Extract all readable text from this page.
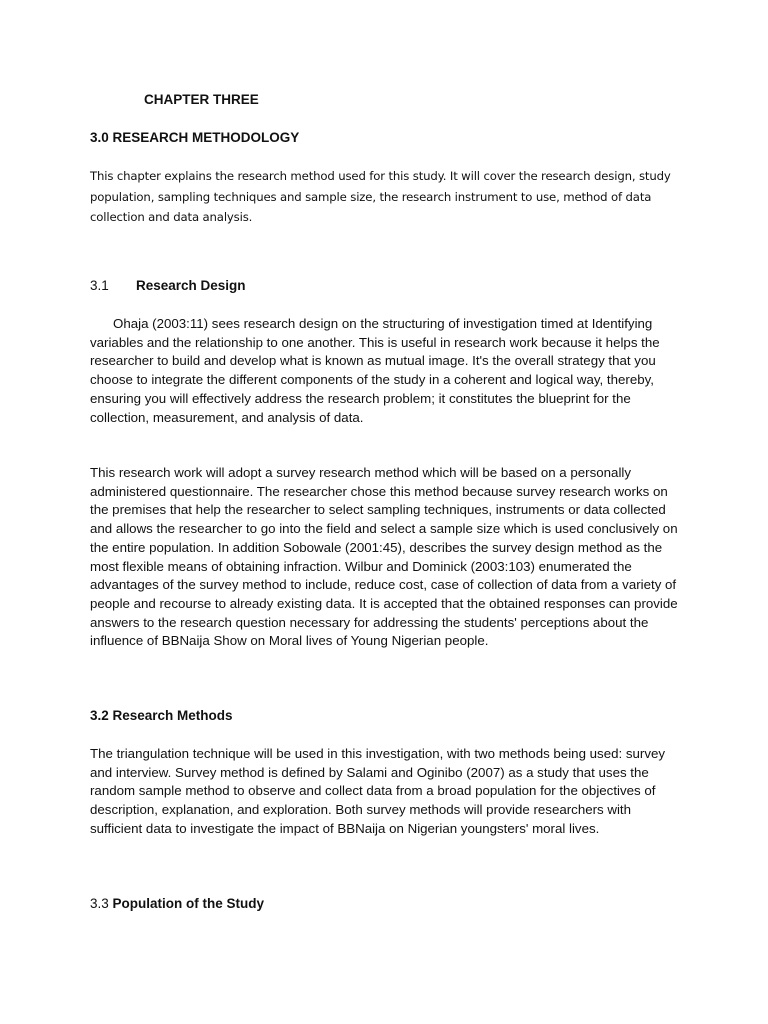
CHAPTER THREE
3.0 RESEARCH METHODOLOGY

This chapter explains the research method used for this study. It will cover the research design, study population, sampling techniques and sample size, the research instrument to use, method of data collection and data analysis.

3.1 Research Design

Ohaja (2003:11) sees research design on the structuring of investigation timed at Identifying variables and the relationship to one another. This is useful in research work because it helps the researcher to build and develop what is known as mutual image. It's the overall strategy that you choose to integrate the different components of the study in a coherent and logical way, thereby, ensuring you will effectively address the research problem; it constitutes the blueprint for the collection, measurement, and analysis of data.

This research work will adopt a survey research method which will be based on a personally administered questionnaire. The researcher chose this method because survey research works on the premises that help the researcher to select sampling techniques, instruments or data collected and allows the researcher to go into the field and select a sample size which is used conclusively on the entire population. In addition Sobowale (2001:45), describes the survey design method as the most flexible means of obtaining infraction. Wilbur and Dominick (2003:103) enumerated the advantages of the survey method to include, reduce cost, case of collection of data from a variety of people and recourse to already existing data. It is accepted that the obtained responses can provide answers to the research question necessary for addressing the students' perceptions about the influence of BBNaija Show on Moral lives of Young Nigerian people.

3.2 Research Methods

The triangulation technique will be used in this investigation, with two methods being used: survey and interview. Survey method is defined by Salami and Oginibo (2007) as a study that uses the random sample method to observe and collect data from a broad population for the objectives of description, explanation, and exploration. Both survey methods will provide researchers with sufficient data to investigate the impact of BBNaija on Nigerian youngsters' moral lives.

3.3 Population of the Study
